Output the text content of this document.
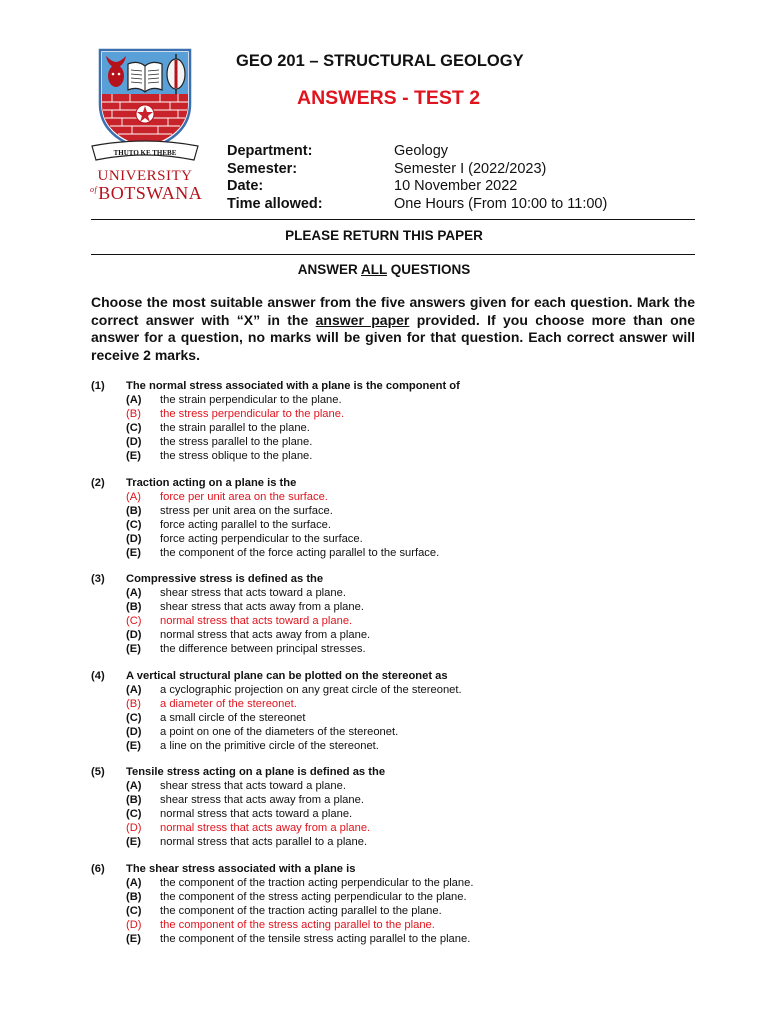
THUTO KE THEBE
UNIVERSITY
$^{of}$BOTSWANA
GEO 201 – STRUCTURAL GEOLOGY
ANSWERS - TEST 2
Department:	Geology
Semester:	Semester I (2022/2023)
Date:	10 November 2022
Time allowed:	One Hours (From 10:00 to 11:00)
PLEASE RETURN THIS PAPER
ANSWER ALL QUESTIONS
Choose the most suitable answer from the five answers given for each question. Mark the correct answer with “X” in the answer paper provided. If you choose more than one answer for a question, no marks will be given for that question. Each correct answer will receive 2 marks.
(1)	The normal stress associated with a plane is the component of
(A)	the strain perpendicular to the plane.
(B)	the stress perpendicular to the plane.
(C)	the strain parallel to the plane.
(D)	the stress parallel to the plane.
(E)	the stress oblique to the plane.
(2)	Traction acting on a plane is the
(A)	force per unit area on the surface.
(B)	stress per unit area on the surface.
(C)	force acting parallel to the surface.
(D)	force acting perpendicular to the surface.
(E)	the component of the force acting parallel to the surface.
(3)	Compressive stress is defined as the
(A)	shear stress that acts toward a plane.
(B)	shear stress that acts away from a plane.
(C)	normal stress that acts toward a plane.
(D)	normal stress that acts away from a plane.
(E)	the difference between principal stresses.
(4)	A vertical structural plane can be plotted on the stereonet as
(A)	a cyclographic projection on any great circle of the stereonet.
(B)	a diameter of the stereonet.
(C)	a small circle of the stereonet
(D)	a point on one of the diameters of the stereonet.
(E)	a line on the primitive circle of the stereonet.
(5)	Tensile stress acting on a plane is defined as the
(A)	shear stress that acts toward a plane.
(B)	shear stress that acts away from a plane.
(C)	normal stress that acts toward a plane.
(D)	normal stress that acts away from a plane.
(E)	normal stress that acts parallel to a plane.
(6)	The shear stress associated with a plane is
(A)	the component of the traction acting perpendicular to the plane.
(B)	the component of the stress acting perpendicular to the plane.
(C)	the component of the traction acting parallel to the plane.
(D)	the component of the stress acting parallel to the plane.
(E)	the component of the tensile stress acting parallel to the plane.
